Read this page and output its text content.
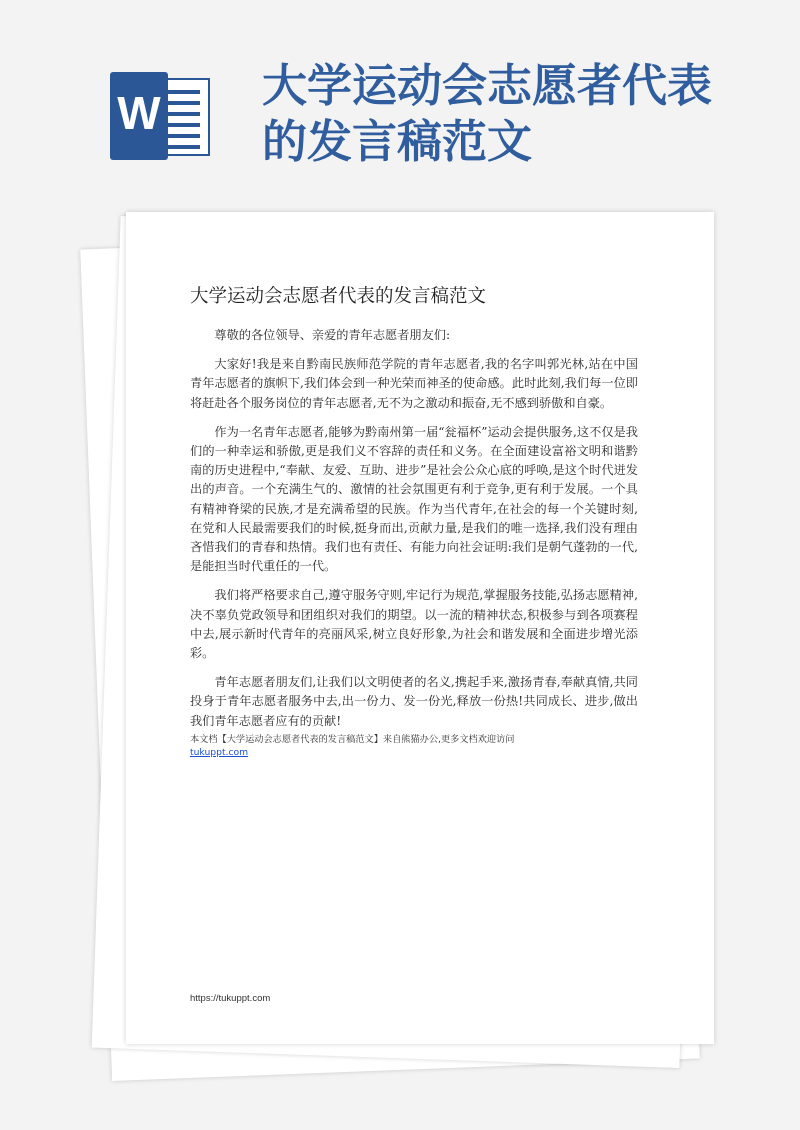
W
大学运动会志愿者代表的发言稿范文
大学运动会志愿者代表的发言稿范文

尊敬的各位领导、亲爱的青年志愿者朋友们:

大家好!我是来自黔南民族师范学院的青年志愿者,我的名字叫郭光林,站在中国青年志愿者的旗帜下,我们体会到一种光荣而神圣的使命感。此时此刻,我们每一位即将赶赴各个服务岗位的青年志愿者,无不为之激动和振奋,无不感到骄傲和自豪。

作为一名青年志愿者,能够为黔南州第一届“瓮福杯”运动会提供服务,这不仅是我们的一种幸运和骄傲,更是我们义不容辞的责任和义务。在全面建设富裕文明和谐黔南的历史进程中,“奉献、友爱、互助、进步”是社会公众心底的呼唤,是这个时代迸发出的声音。一个充满生气的、激情的社会氛围更有利于竞争,更有利于发展。一个具有精神脊梁的民族,才是充满希望的民族。作为当代青年,在社会的每一个关键时刻,在党和人民最需要我们的时候,挺身而出,贡献力量,是我们的唯一选择,我们没有理由吝惜我们的青春和热情。我们也有责任、有能力向社会证明:我们是朝气蓬勃的一代,是能担当时代重任的一代。

我们将严格要求自己,遵守服务守则,牢记行为规范,掌握服务技能,弘扬志愿精神,决不辜负党政领导和团组织对我们的期望。以一流的精神状态,积极参与到各项赛程中去,展示新时代青年的亮丽风采,树立良好形象,为社会和谐发展和全面进步增光添彩。

青年志愿者朋友们,让我们以文明使者的名义,携起手来,激扬青春,奉献真情,共同投身于青年志愿者服务中去,出一份力、发一份光,释放一份热!共同成长、进步,做出我们青年志愿者应有的贡献!

本文档【大学运动会志愿者代表的发言稿范文】来自熊猫办公,更多文档欢迎访问
tukuppt.com
https://tukuppt.com
